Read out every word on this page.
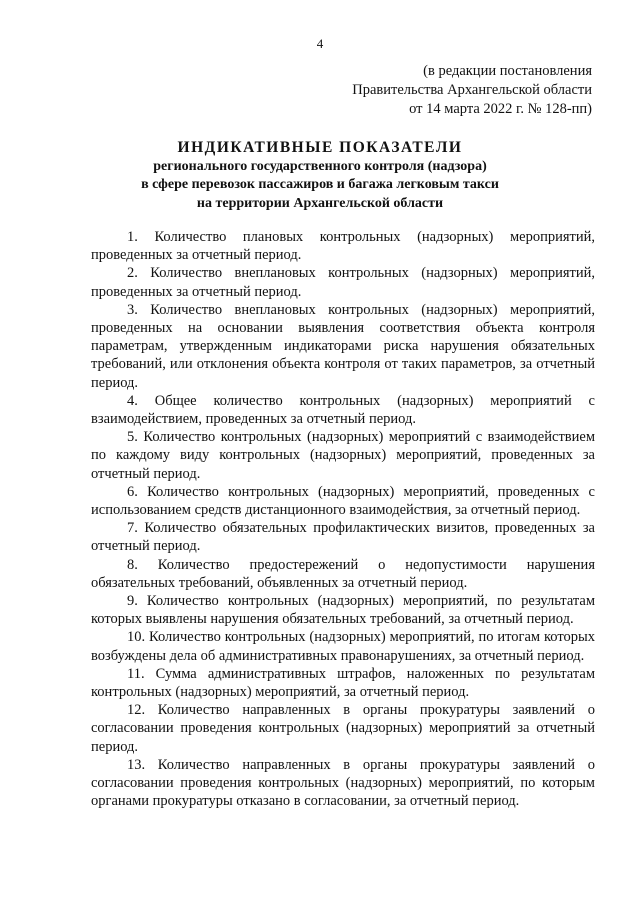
4
(в редакции постановления
Правительства Архангельской области
от 14 марта 2022 г. № 128-пп)
ИНДИКАТИВНЫЕ ПОКАЗАТЕЛИ
регионального государственного контроля (надзора)
в сфере перевозок пассажиров и багажа легковым такси
на территории Архангельской области

1. Количество плановых контрольных (надзорных) мероприятий, проведенных за отчетный период.

2. Количество внеплановых контрольных (надзорных) мероприятий, проведенных за отчетный период.

3. Количество внеплановых контрольных (надзорных) мероприятий, проведенных на основании выявления соответствия объекта контроля параметрам, утвержденным индикаторами риска нарушения обязательных требований, или отклонения объекта контроля от таких параметров, за отчетный период.

4. Общее количество контрольных (надзорных) мероприятий с взаимодействием, проведенных за отчетный период.

5. Количество контрольных (надзорных) мероприятий с взаимодействием по каждому виду контрольных (надзорных) мероприятий, проведенных за отчетный период.

6. Количество контрольных (надзорных) мероприятий, проведенных с использованием средств дистанционного взаимодействия, за отчетный период.

7. Количество обязательных профилактических визитов, проведенных за отчетный период.

8. Количество предостережений о недопустимости нарушения обязательных требований, объявленных за отчетный период.

9. Количество контрольных (надзорных) мероприятий, по результатам которых выявлены нарушения обязательных требований, за отчетный период.

10. Количество контрольных (надзорных) мероприятий, по итогам которых возбуждены дела об административных правонарушениях, за отчетный период.

11. Сумма административных штрафов, наложенных по результатам контрольных (надзорных) мероприятий, за отчетный период.

12. Количество направленных в органы прокуратуры заявлений о согласовании проведения контрольных (надзорных) мероприятий за отчетный период.

13. Количество направленных в органы прокуратуры заявлений о согласовании проведения контрольных (надзорных) мероприятий, по которым органами прокуратуры отказано в согласовании, за отчетный период.
